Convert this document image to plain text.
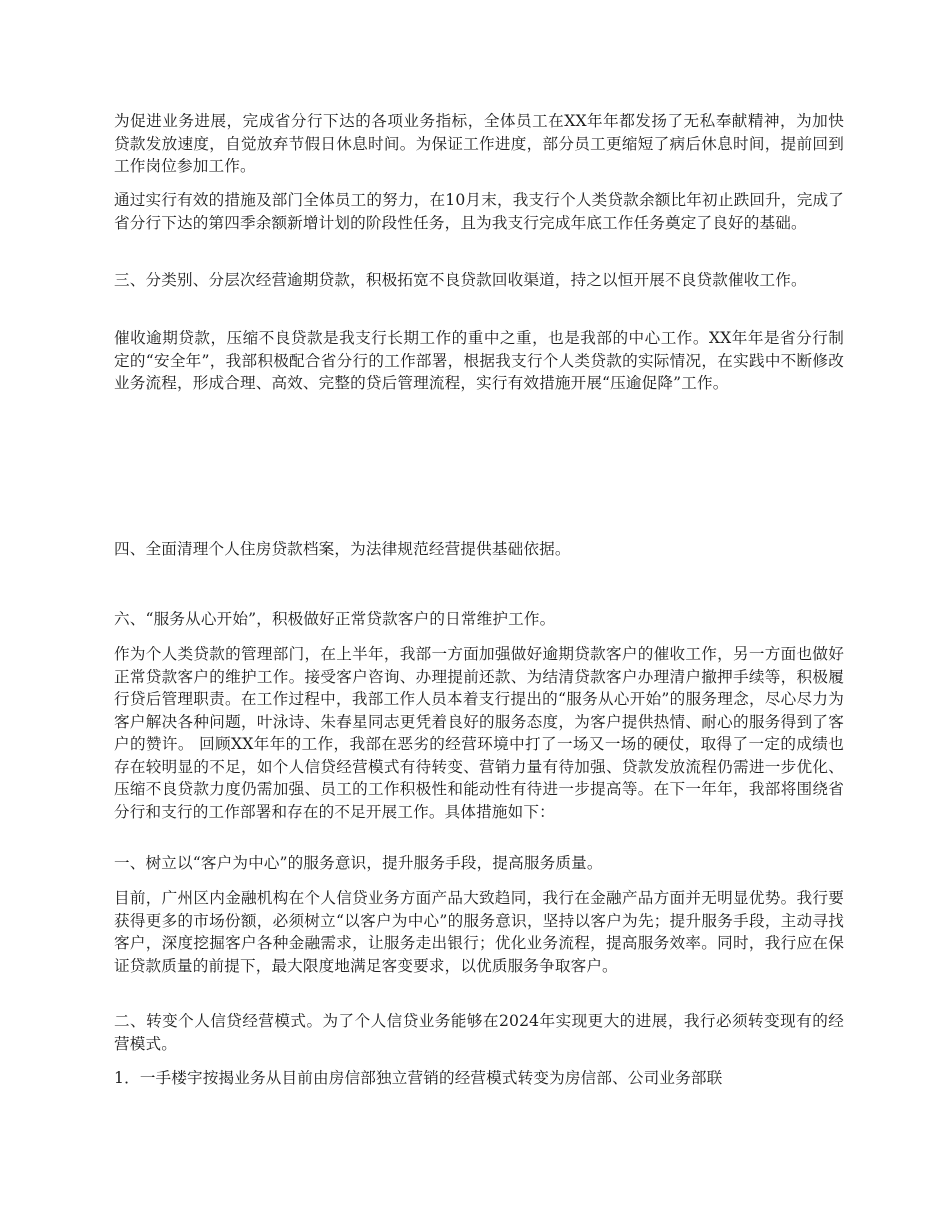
为促进业务进展，完成省分行下达的各项业务指标，全体员工在XX年年都发扬了无私奉献精神，为加快贷款发放速度，自觉放弃节假日休息时间。为保证工作进度，部分员工更缩短了病后休息时间，提前回到工作岗位参加工作。

通过实行有效的措施及部门全体员工的努力，在10月末，我支行个人类贷款余额比年初止跌回升，完成了省分行下达的第四季余额新增计划的阶段性任务，且为我支行完成年底工作任务奠定了良好的基础。

三、分类别、分层次经营逾期贷款，积极拓宽不良贷款回收渠道，持之以恒开展不良贷款催收工作。

催收逾期贷款，压缩不良贷款是我支行长期工作的重中之重，也是我部的中心工作。XX年年是省分行制定的“安全年”，我部积极配合省分行的工作部署，根据我支行个人类贷款的实际情况，在实践中不断修改业务流程，形成合理、高效、完整的贷后管理流程，实行有效措施开展“压逾促降”工作。

四、全面清理个人住房贷款档案，为法律规范经营提供基础依据。

六、“服务从心开始”，积极做好正常贷款客户的日常维护工作。

作为个人类贷款的管理部门，在上半年，我部一方面加强做好逾期贷款客户的催收工作，另一方面也做好正常贷款客户的维护工作。接受客户咨询、办理提前还款、为结清贷款客户办理清户撤押手续等，积极履行贷后管理职责。在工作过程中，我部工作人员本着支行提出的“服务从心开始”的服务理念，尽心尽力为客户解决各种问题，叶泳诗、朱春星同志更凭着良好的服务态度，为客户提供热情、耐心的服务得到了客户的赞许。 回顾XX年年的工作，我部在恶劣的经营环境中打了一场又一场的硬仗，取得了一定的成绩也存在较明显的不足，如个人信贷经营模式有待转变、营销力量有待加强、贷款发放流程仍需进一步优化、压缩不良贷款力度仍需加强、员工的工作积极性和能动性有待进一步提高等。在下一年年，我部将围绕省分行和支行的工作部署和存在的不足开展工作。具体措施如下：

一、树立以“客户为中心”的服务意识，提升服务手段，提高服务质量。

目前，广州区内金融机构在个人信贷业务方面产品大致趋同，我行在金融产品方面并无明显优势。我行要获得更多的市场份额，必须树立“以客户为中心”的服务意识，坚持以客户为先；提升服务手段，主动寻找客户，深度挖掘客户各种金融需求，让服务走出银行；优化业务流程，提高服务效率。同时，我行应在保证贷款质量的前提下，最大限度地满足客变要求，以优质服务争取客户。

二、转变个人信贷经营模式。为了个人信贷业务能够在2024年实现更大的进展，我行必须转变现有的经营模式。

1．一手楼宇按揭业务从目前由房信部独立营销的经营模式转变为房信部、公司业务部联
